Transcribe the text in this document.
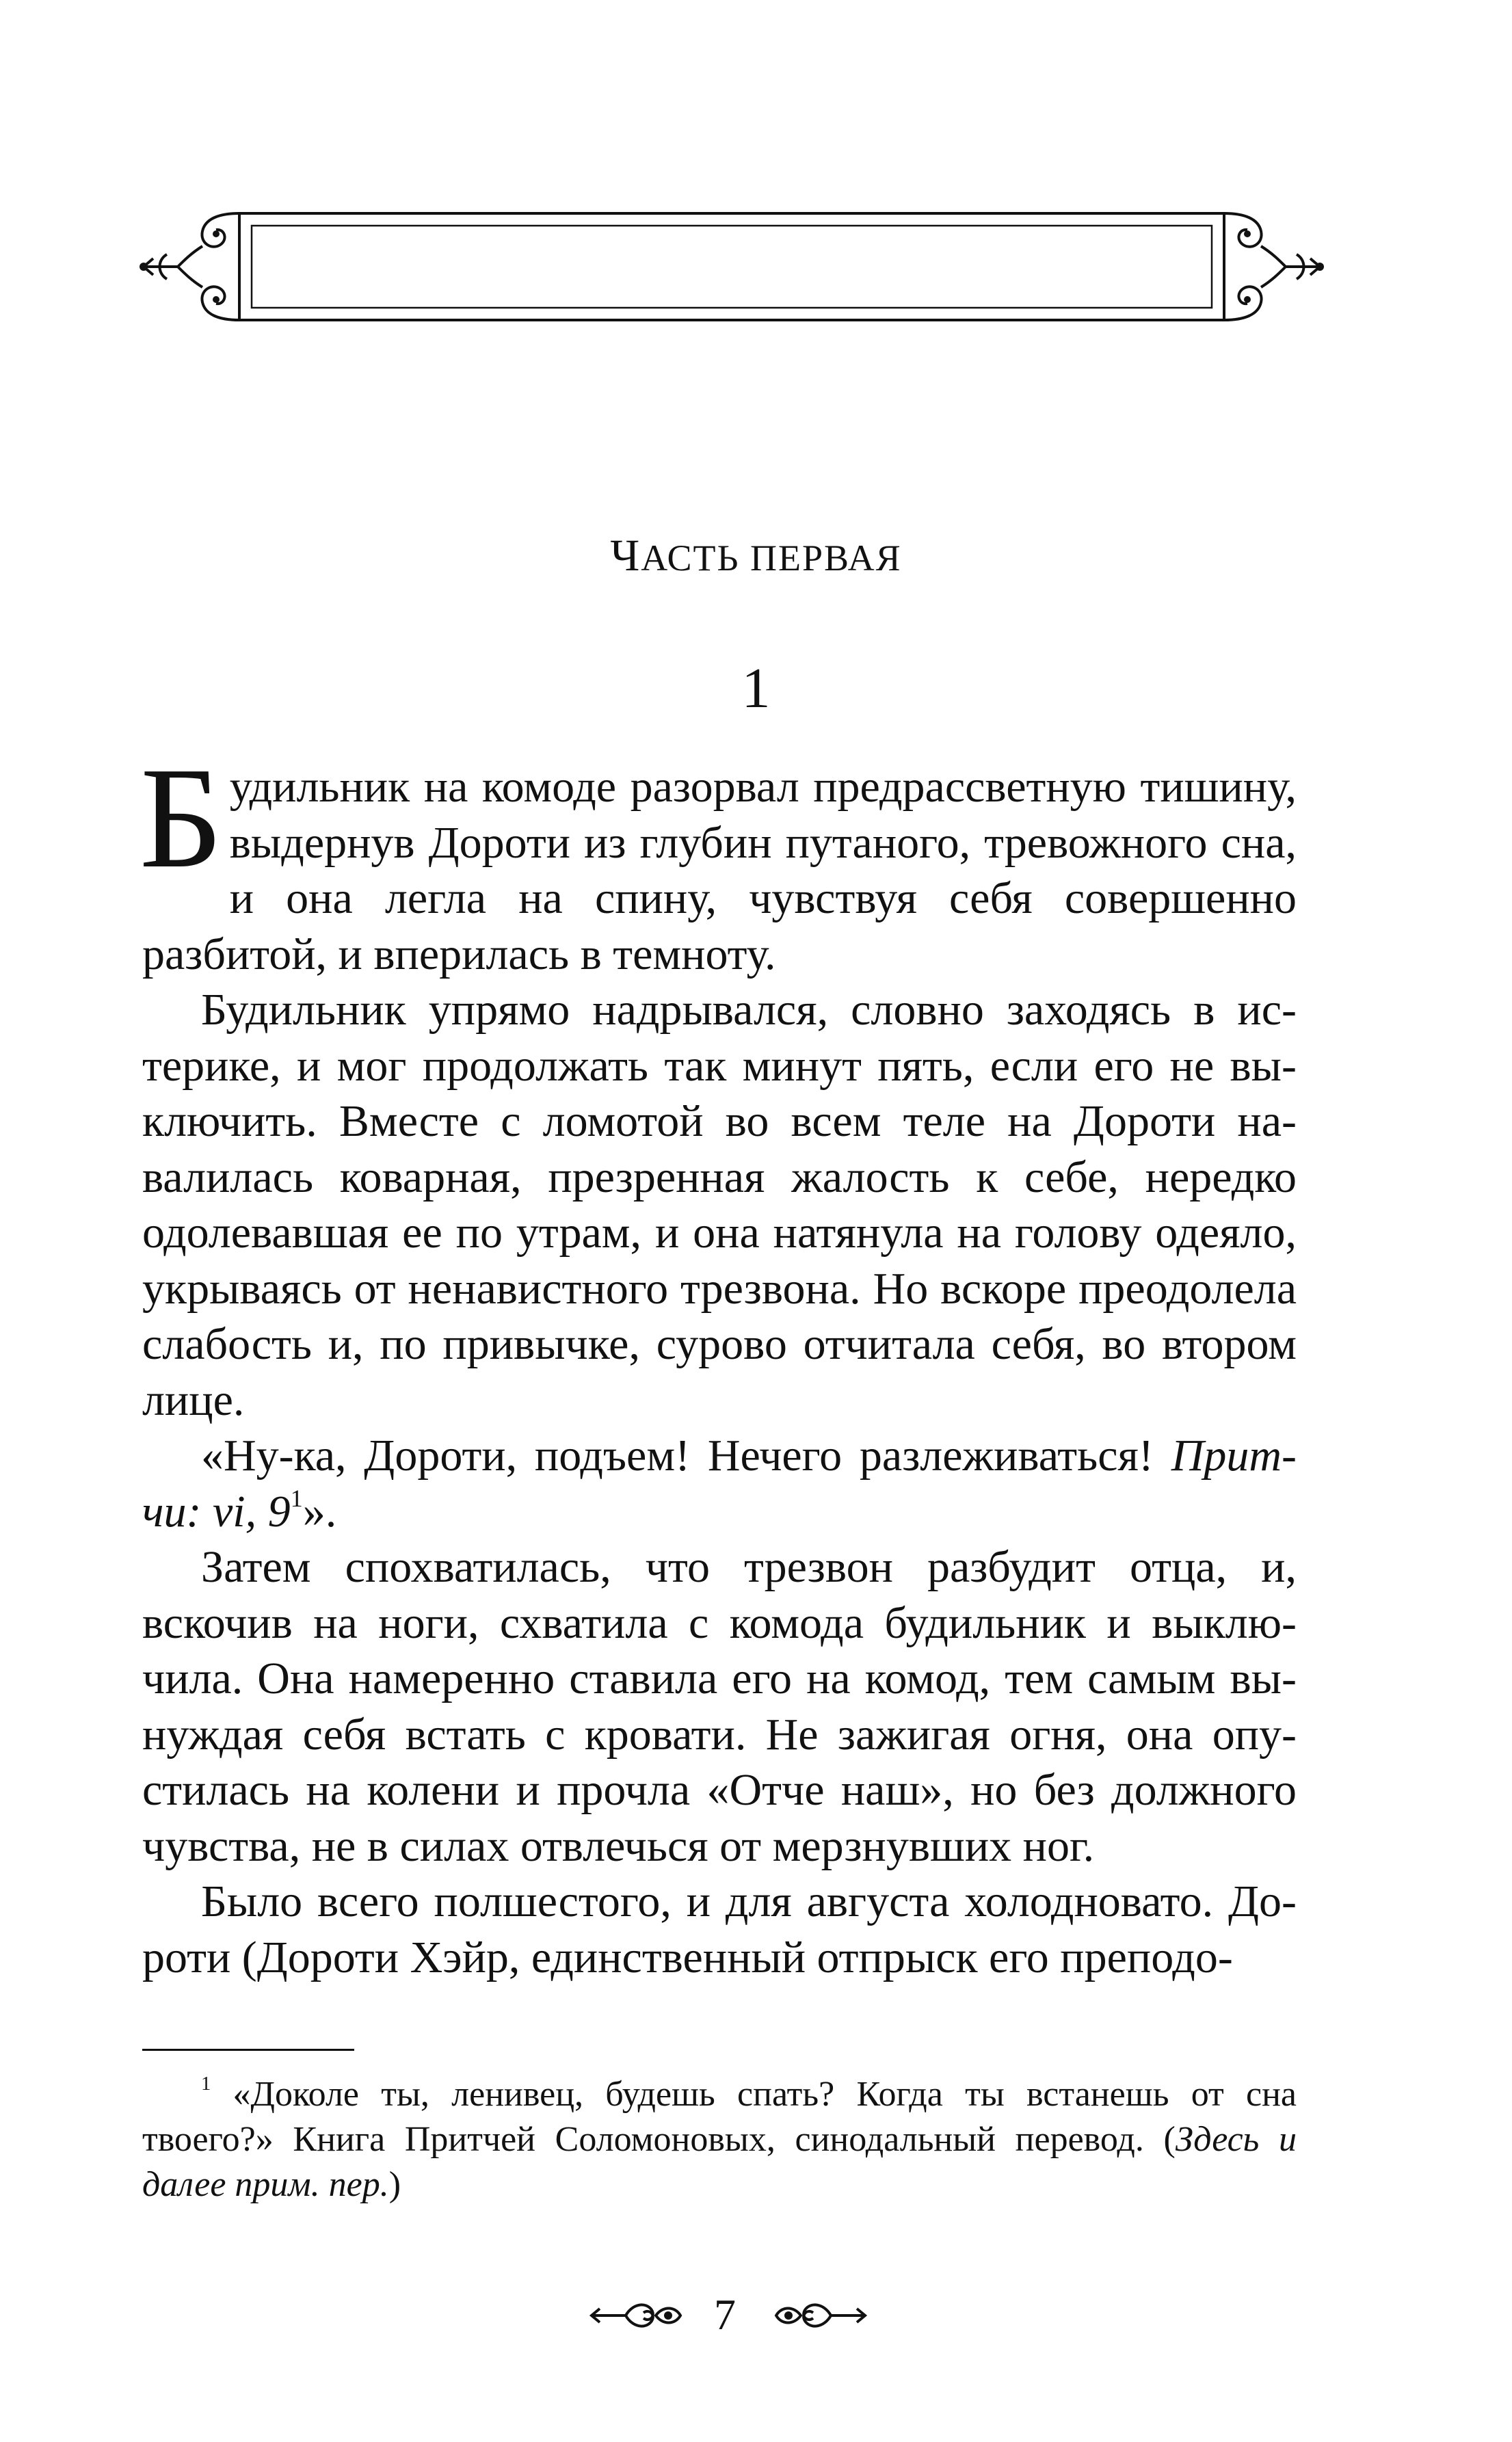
ЧАСТЬ ПЕРВАЯ
1

Будильник на комоде разорвал предрассветную тишину, выдернув Дороти из глубин путаного, тревожного сна, и она легла на спину, чувствуя себя совершенно разбитой, и вперилась в темноту.

Будильник упрямо надрывался, словно заходясь в истерике, и мог продолжать так минут пять, если его не выключить. Вместе с ломотой во всем теле на Дороти навалилась коварная, презренная жалость к себе, нередко одолевавшая ее по утрам, и она натянула на голову одеяло, укрываясь от ненавистного трезвона. Но вскоре преодолела слабость и, по привычке, сурово отчитала себя, во втором лице.

«Ну-ка, Дороти, подъем! Нечего разлеживаться! Притчи: vi, $9^1$».

Затем спохватилась, что трезвон разбудит отца, и, вскочив на ноги, схватила с комода будильник и выключила. Она намеренно ставила его на комод, тем самым вынуждая себя встать с кровати. Не зажигая огня, она опустилась на колени и прочла «Отче наш», но без должного чувства, не в силах отвлечься от мерзнувших ног.

Было всего полшестого, и для августа холодновато. Дороти (Дороти Хэйр, единственный отпрыск его преподо-

$^1$ «Доколе ты, ленивец, будешь спать? Когда ты встанешь от сна твоего?» Книга Притчей Соломоновых, синодальный перевод. (Здесь и далее прим. пер.)

7
